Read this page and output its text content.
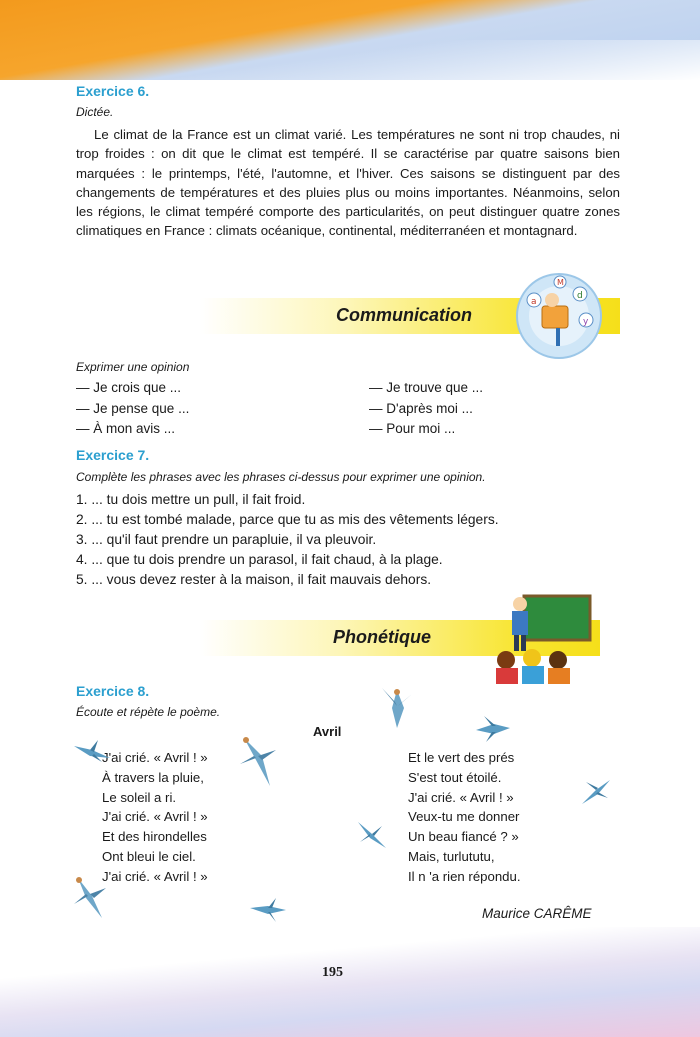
Exercice 6.
Dictée.
Le climat de la France est un climat varié. Les températures ne sont ni trop chaudes, ni trop froides : on dit que le climat est tempéré. Il se caractérise par quatre saisons bien marquées : le printemps, l'été, l'automne, et l'hiver. Ces saisons se distinguent par des changements de températures et des pluies plus ou moins importantes. Néanmoins, selon les régions, le climat tempéré comporte des particularités, on peut distinguer quatre zones climatiques en France : climats océanique, continental, méditerranéen et montagnard.
Communication
a
d
y
M
Exprimer une opinion
— Je crois que ...
— Je pense que ...
— À mon avis ...
— Je trouve que ...
— D'après moi ...
— Pour moi ...
Exercice 7.
Complète les phrases avec les phrases ci-dessus pour exprimer une opinion.
1. ... tu dois mettre un pull, il fait froid.
2. ... tu est tombé malade, parce que tu as mis des vêtements légers.
3. ... qu'il faut prendre un parapluie, il va pleuvoir.
4. ... que tu dois prendre un parasol, il fait chaud, à la plage.
5. ... vous devez rester à la maison, il fait mauvais dehors.
Phonétique
Exercice 8.
Écoute et répète le poème.
Avril
J'ai crié. « Avril ! »
À travers la pluie,
Le soleil a ri.
J'ai crié. « Avril ! »
Et des hirondelles
Ont bleui le ciel.
J'ai crié. « Avril ! »
Et le vert des prés
S'est tout étoilé.
J'ai crié. « Avril ! »
Veux-tu me donner
Un beau fiancé ? »
Mais, turlututu,
Il n 'a rien répondu.
Maurice CARÊME
195
